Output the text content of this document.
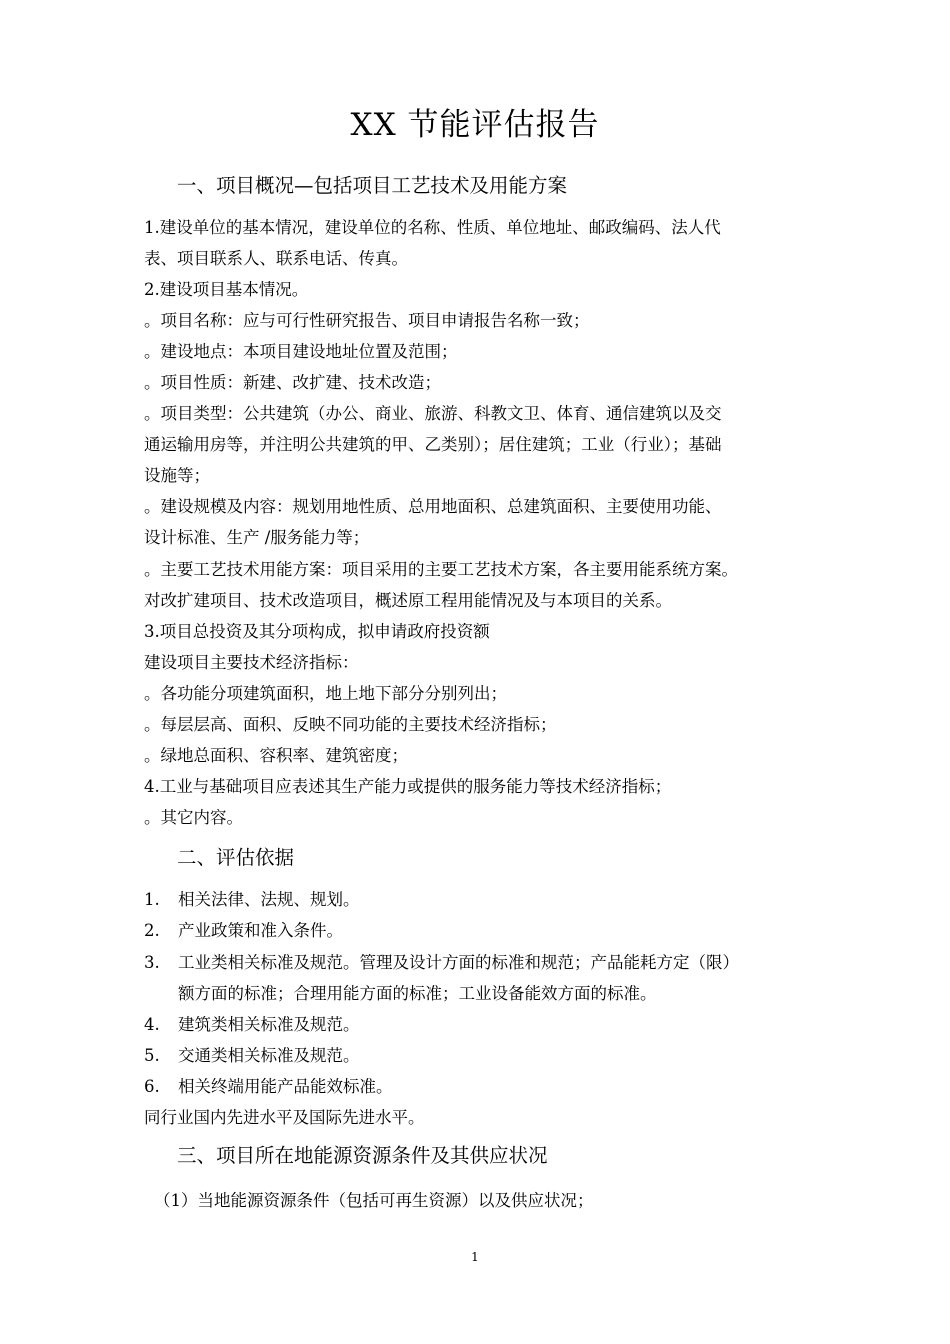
XX 节能评估报告
一、项目概况—包括项目工艺技术及用能方案
1.建设单位的基本情况，建设单位的名称、性质、单位地址、邮政编码、法人代
表、项目联系人、联系电话、传真。
2.建设项目基本情况。
。项目名称：应与可行性研究报告、项目申请报告名称一致；
。建设地点：本项目建设地址位置及范围；
。项目性质：新建、改扩建、技术改造；
。项目类型：公共建筑（办公、商业、旅游、科教文卫、体育、通信建筑以及交
通运输用房等，并注明公共建筑的甲、乙类别）；居住建筑；工业（行业）；基础
设施等；
。建设规模及内容：规划用地性质、总用地面积、总建筑面积、主要使用功能、
设计标准、生产 /服务能力等；
。主要工艺技术用能方案：项目采用的主要工艺技术方案，各主要用能系统方案。
对改扩建项目、技术改造项目，概述原工程用能情况及与本项目的关系。
3.项目总投资及其分项构成，拟申请政府投资额
建设项目主要技术经济指标：
。各功能分项建筑面积，地上地下部分分别列出；
。每层层高、面积、反映不同功能的主要技术经济指标；
。绿地总面积、容积率、建筑密度；
4.工业与基础项目应表述其生产能力或提供的服务能力等技术经济指标；
。其它内容。
二、评估依据
1. 相关法律、法规、规划。
2. 产业政策和准入条件。
3. 工业类相关标准及规范。管理及设计方面的标准和规范；产品能耗方定（限）
额方面的标准；合理用能方面的标准；工业设备能效方面的标准。
4. 建筑类相关标准及规范。
5. 交通类相关标准及规范。
6. 相关终端用能产品能效标准。
同行业国内先进水平及国际先进水平。
三、项目所在地能源资源条件及其供应状况
（1）当地能源资源条件（包括可再生资源）以及供应状况；
1
